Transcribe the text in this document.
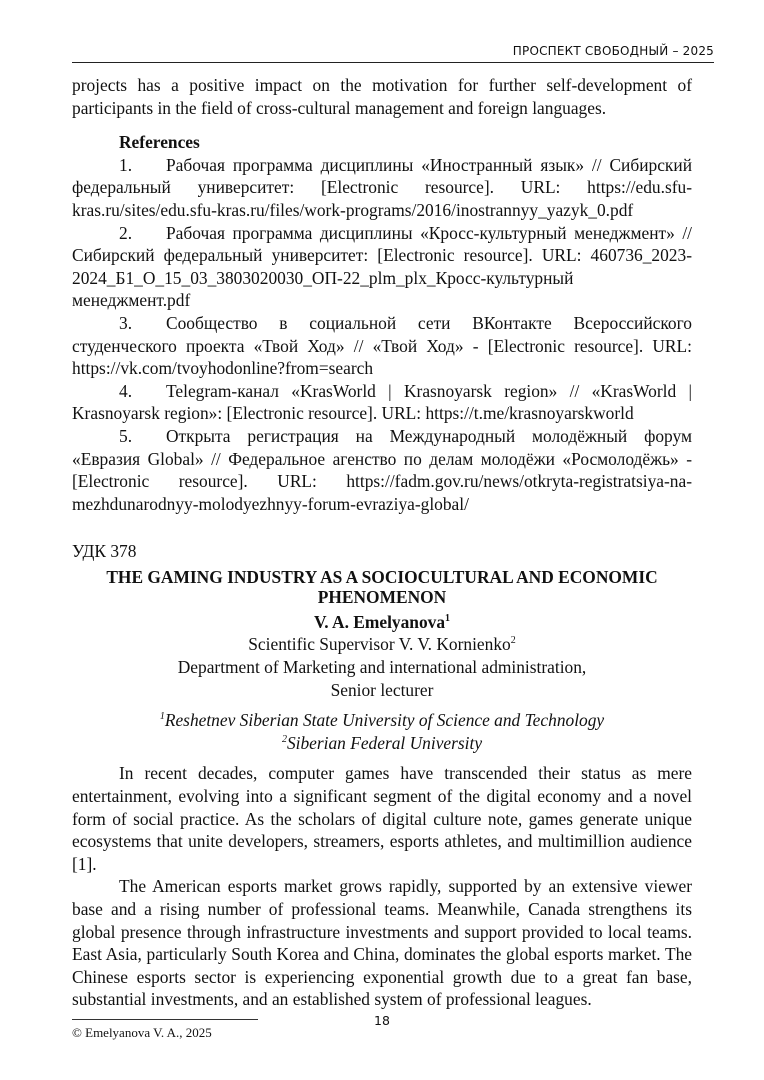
ПРОСПЕКТ СВОБОДНЫЙ – 2025

projects has a positive impact on the motivation for further self-development of participants in the field of cross-cultural management and foreign languages.

References

1. Рабочая программа дисциплины «Иностранный язык» // Сибирский федеральный университет: [Electronic resource]. URL: https://edu.sfu-kras.ru/sites/edu.sfu-kras.ru/files/work-programs/2016/inostrannyy_yazyk_0.pdf

2. Рабочая программа дисциплины «Кросс-культурный менеджмент» // Сибирский федеральный университет: [Electronic resource]. URL: 460736_2023-2024_Б1_О_15_03_3803020030_ОП-22_plm_plx_Кросс-культурный менеджмент.pdf

3. Сообщество в социальной сети ВКонтакте Всероссийского студенческого проекта «Твой Ход» // «Твой Ход» - [Electronic resource]. URL: https://vk.com/tvoyhodonline?from=search

4. Telegram-канал «KrasWorld | Krasnoyarsk region» // «KrasWorld | Krasnoyarsk region»: [Electronic resource]. URL: https://t.me/krasnoyarskworld

5. Открыта регистрация на Международный молодёжный форум «Евразия Global» // Федеральное агенство по делам молодёжи «Росмолодёжь» - [Electronic resource]. URL: https://fadm.gov.ru/news/otkryta-registratsiya-na-mezhdunarodnyy-molodyezhnyy-forum-evraziya-global/

УДК 378

THE GAMING INDUSTRY AS A SOCIOCULTURAL AND ECONOMIC
PHENOMENON
V. A. Emelyanova$^1$
Scientific Supervisor V. V. Kornienko$^2$
Department of Marketing and international administration,
Senior lecturer
$^1$Reshetnev Siberian State University of Science and Technology
$^2$Siberian Federal University

In recent decades, computer games have transcended their status as mere entertainment, evolving into a significant segment of the digital economy and a novel form of social practice. As the scholars of digital culture note, games generate unique ecosystems that unite developers, streamers, esports athletes, and multimillion audience [1].

The American esports market grows rapidly, supported by an extensive viewer base and a rising number of professional teams. Meanwhile, Canada strengthens its global presence through infrastructure investments and support provided to local teams. East Asia, particularly South Korea and China, dominates the global esports market. The Chinese esports sector is experiencing exponential growth due to a great fan base, substantial investments, and an established system of professional leagues.

© Emelyanova V. A., 2025
18
